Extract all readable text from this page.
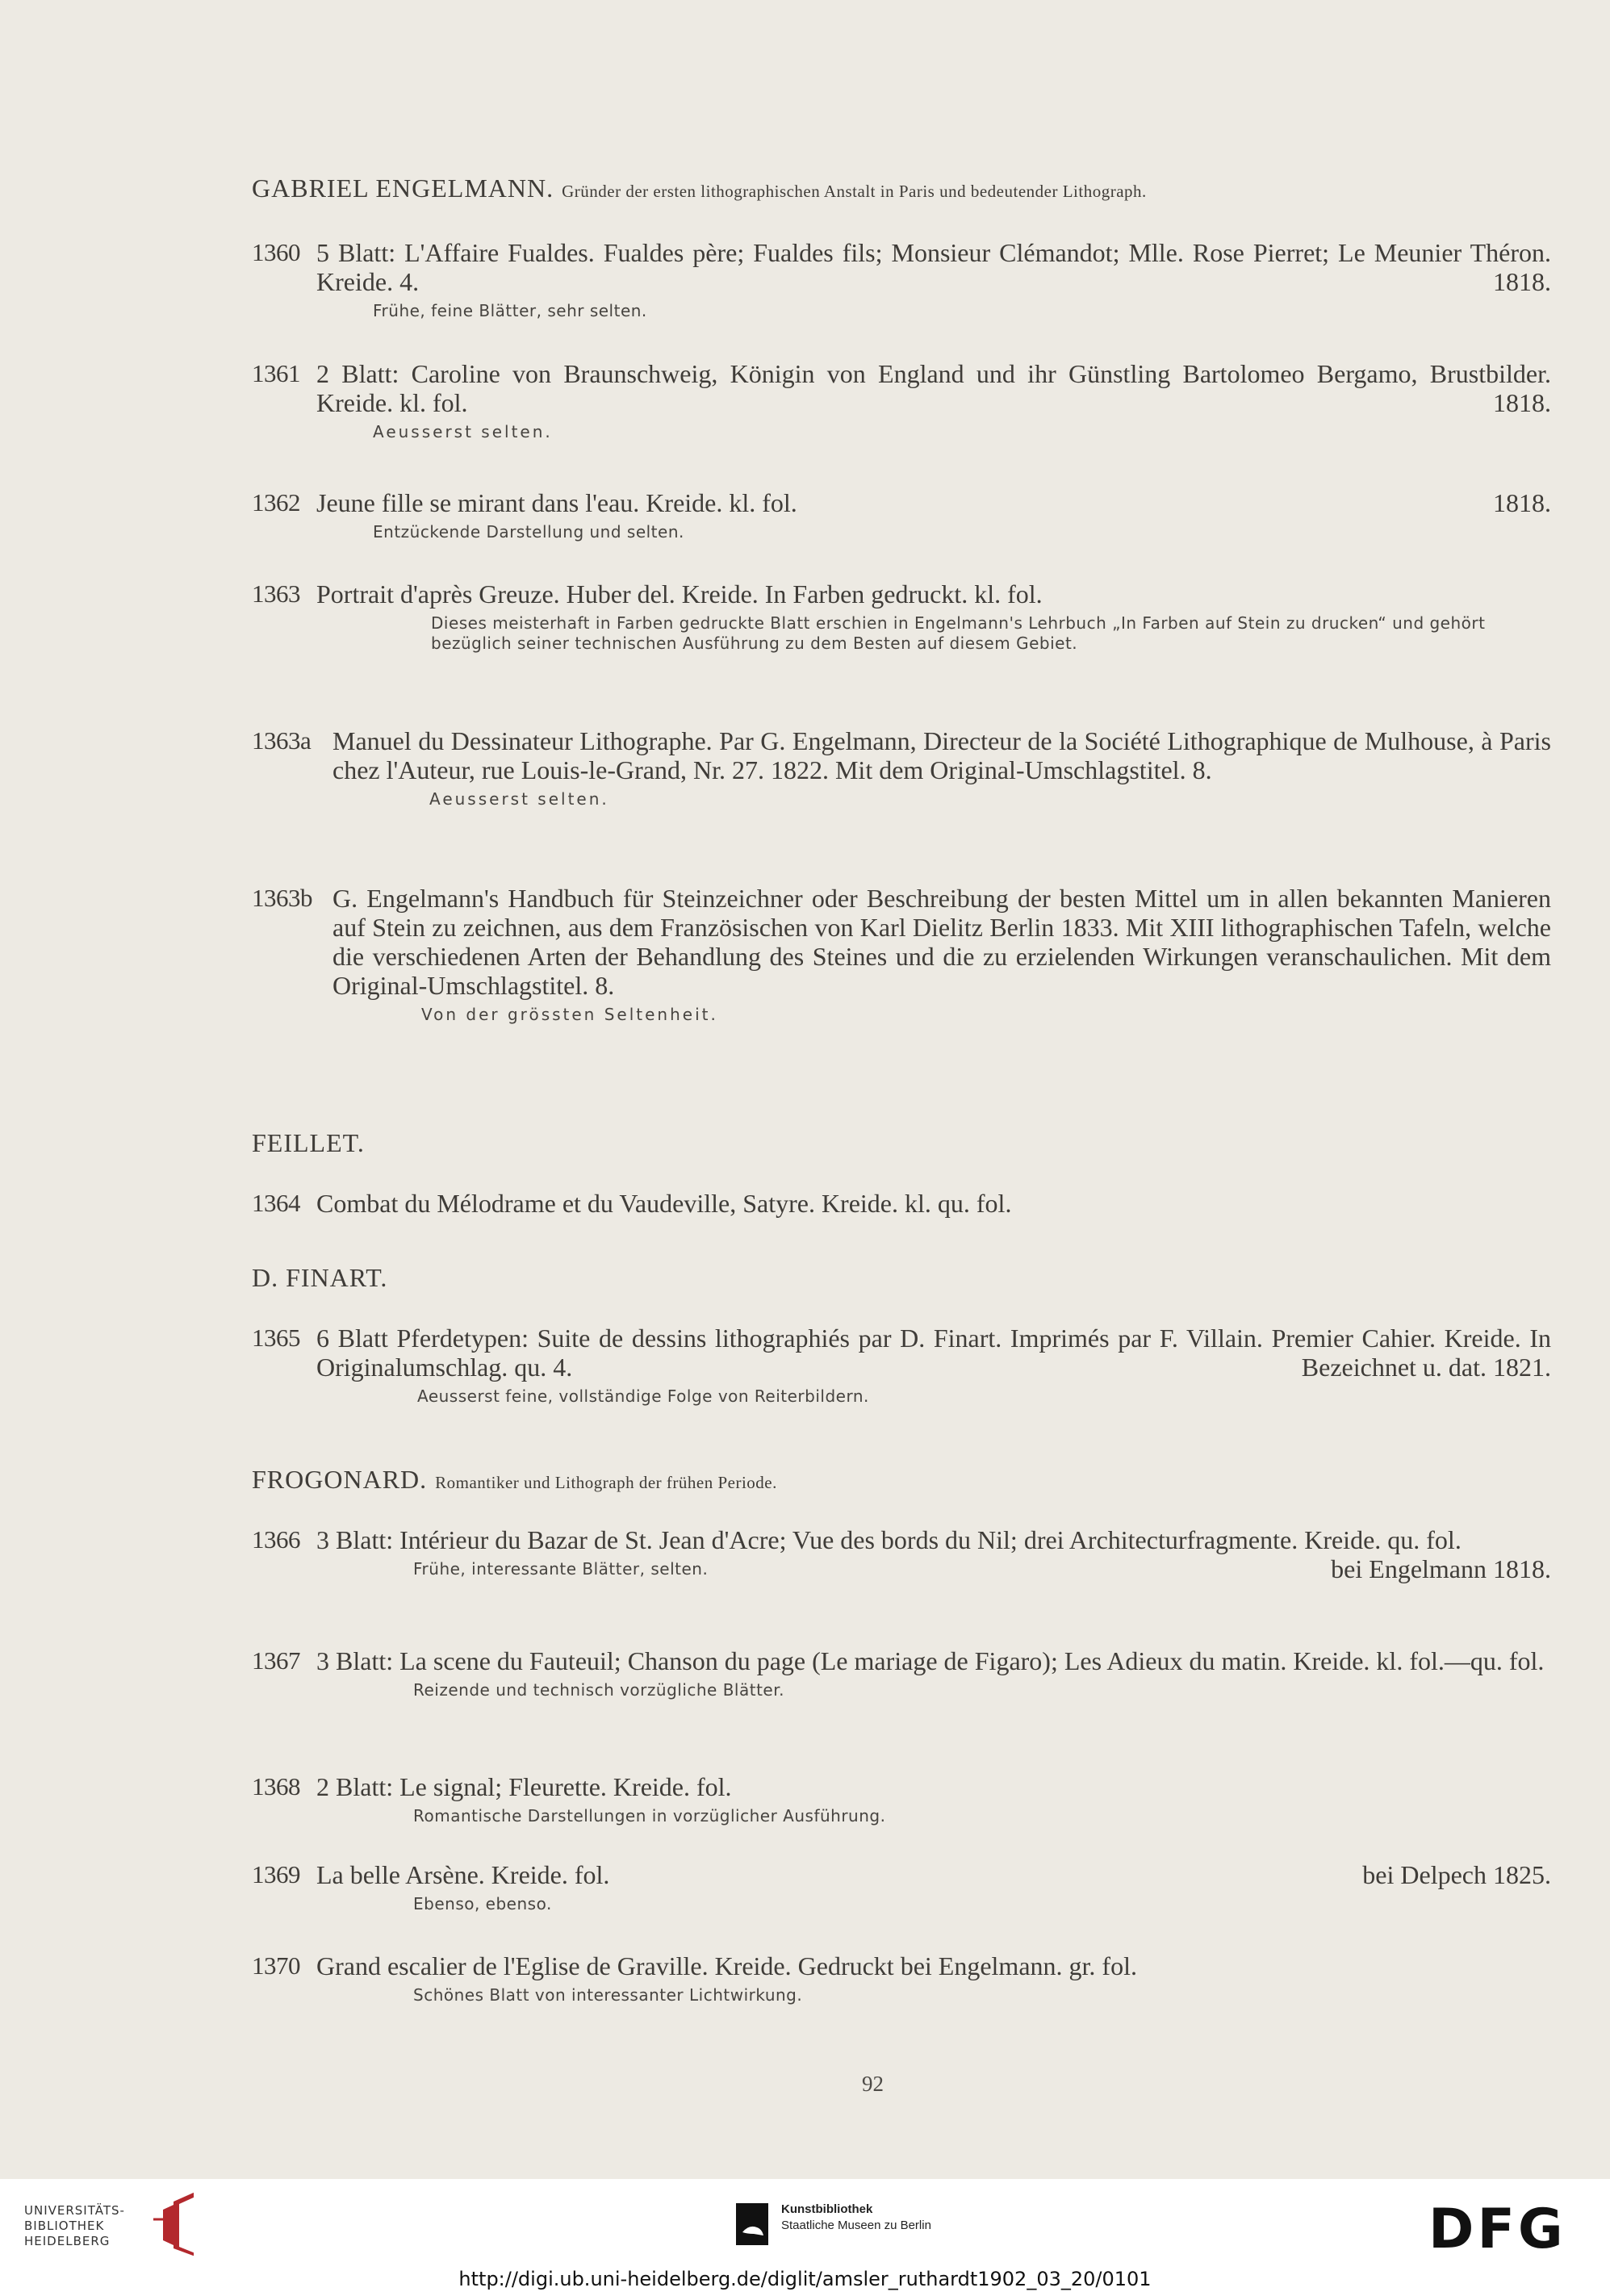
GABRIEL ENGELMANN. Gründer der ersten lithographischen Anstalt in Paris und bedeutender Lithograph.
1360 5 Blatt: L'Affaire Fualdes. Fualdes père; Fualdes fils; Monsieur Clémandot; Mlle. Rose Pierret; Le Meunier Théron. Kreide. 4.	1818.
Frühe, feine Blätter, sehr selten.
1361 2 Blatt: Caroline von Braunschweig, Königin von England und ihr Günstling Bartolomeo Bergamo, Brustbilder. Kreide. kl. fol.	1818.
Aeusserst selten.
1362 Jeune fille se mirant dans l'eau. Kreide. kl. fol.	1818.
Entzückende Darstellung und selten.
1363 Portrait d'après Greuze. Huber del. Kreide. In Farben gedruckt. kl. fol.
Dieses meisterhaft in Farben gedruckte Blatt erschien in Engelmann's Lehrbuch „In Farben auf Stein zu drucken“ und gehört bezüglich seiner technischen Ausführung zu dem Besten auf diesem Gebiet.
1363a Manuel du Dessinateur Lithographe. Par G. Engelmann, Directeur de la Société Lithographique de Mulhouse, à Paris chez l'Auteur, rue Louis-le-Grand, Nr. 27. 1822. Mit dem Original-Umschlagstitel. 8.
Aeusserst selten.
1363b G. Engelmann's Handbuch für Steinzeichner oder Beschreibung der besten Mittel um in allen bekannten Manieren auf Stein zu zeichnen, aus dem Französischen von Karl Dielitz Berlin 1833. Mit XIII lithographischen Tafeln, welche die verschiedenen Arten der Behandlung des Steines und die zu erzielenden Wirkungen veranschaulichen. Mit dem Original-Umschlagstitel. 8.
Von der grössten Seltenheit.
FEILLET.
1364 Combat du Mélodrame et du Vaudeville, Satyre. Kreide. kl. qu. fol.
D. FINART.
1365 6 Blatt Pferdetypen: Suite de dessins lithographiés par D. Finart. Imprimés par F. Villain. Premier Cahier. Kreide. In Originalumschlag. qu. 4.	Bezeichnet u. dat. 1821.
Aeusserst feine, vollständige Folge von Reiterbildern.
FROGONARD. Romantiker und Lithograph der frühen Periode.
1366 3 Blatt: Intérieur du Bazar de St. Jean d'Acre; Vue des bords du Nil; drei Architecturfragmente. Kreide. qu. fol.
bei Engelmann 1818.
Frühe, interessante Blätter, selten.
1367 3 Blatt: La scene du Fauteuil; Chanson du page (Le mariage de Figaro); Les Adieux du matin. Kreide. kl. fol.—qu. fol.
Reizende und technisch vorzügliche Blätter.
1368 2 Blatt: Le signal; Fleurette. Kreide. fol.
Romantische Darstellungen in vorzüglicher Ausführung.
1369 La belle Arsène. Kreide. fol.	bei Delpech 1825.
Ebenso, ebenso.
1370 Grand escalier de l'Eglise de Graville. Kreide. Gedruckt bei Engelmann. gr. fol.
Schönes Blatt von interessanter Lichtwirkung.
92
UNIVERSITÄTS-
BIBLIOTHEK
HEIDELBERG
Kunstbibliothek
Staatliche Museen zu Berlin	DFG
http://digi.ub.uni-heidelberg.de/diglit/amsler_ruthardt1902_03_20/0101
